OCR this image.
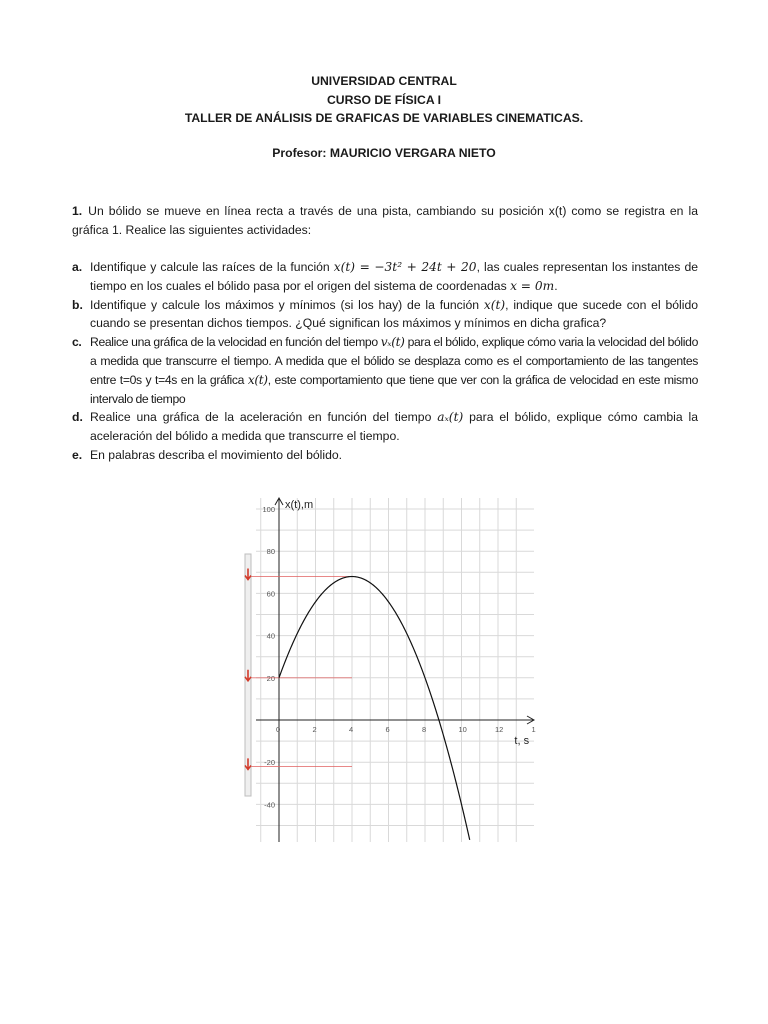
UNIVERSIDAD CENTRAL
CURSO DE FÍSICA I
TALLER DE ANÁLISIS DE GRAFICAS DE VARIABLES CINEMATICAS.
Profesor: MAURICIO VERGARA NIETO
1. Un bólido se mueve en línea recta a través de una pista, cambiando su posición x(t) como se registra en la gráfica 1. Realice las siguientes actividades:
a. Identifique y calcule las raíces de la función x(t) = −3t² + 24t + 20, las cuales representan los instantes de tiempo en los cuales el bólido pasa por el origen del sistema de coordenadas x = 0m.
b. Identifique y calcule los máximos y mínimos (si los hay) de la función x(t), indique que sucede con el bólido cuando se presentan dichos tiempos. ¿Qué significan los máximos y mínimos en dicha grafica?
c. Realice una gráfica de la velocidad en función del tiempo vₓ(t) para el bólido, explique cómo varia la velocidad del bólido a medida que transcurre el tiempo. A medida que el bólido se desplaza como es el comportamiento de las tangentes entre t=0s y t=4s en la gráfica x(t), este comportamiento que tiene que ver con la gráfica de velocidad en este mismo intervalo de tiempo
d. Realice una gráfica de la aceleración en función del tiempo aₓ(t) para el bólido, explique cómo cambia la aceleración del bólido a medida que transcurre el tiempo.
e. En palabras describa el movimiento del bólido.
x(t),m
t, s
0	2	4	6	8	10	12	1
100
80
60
40
20
-20
-40
